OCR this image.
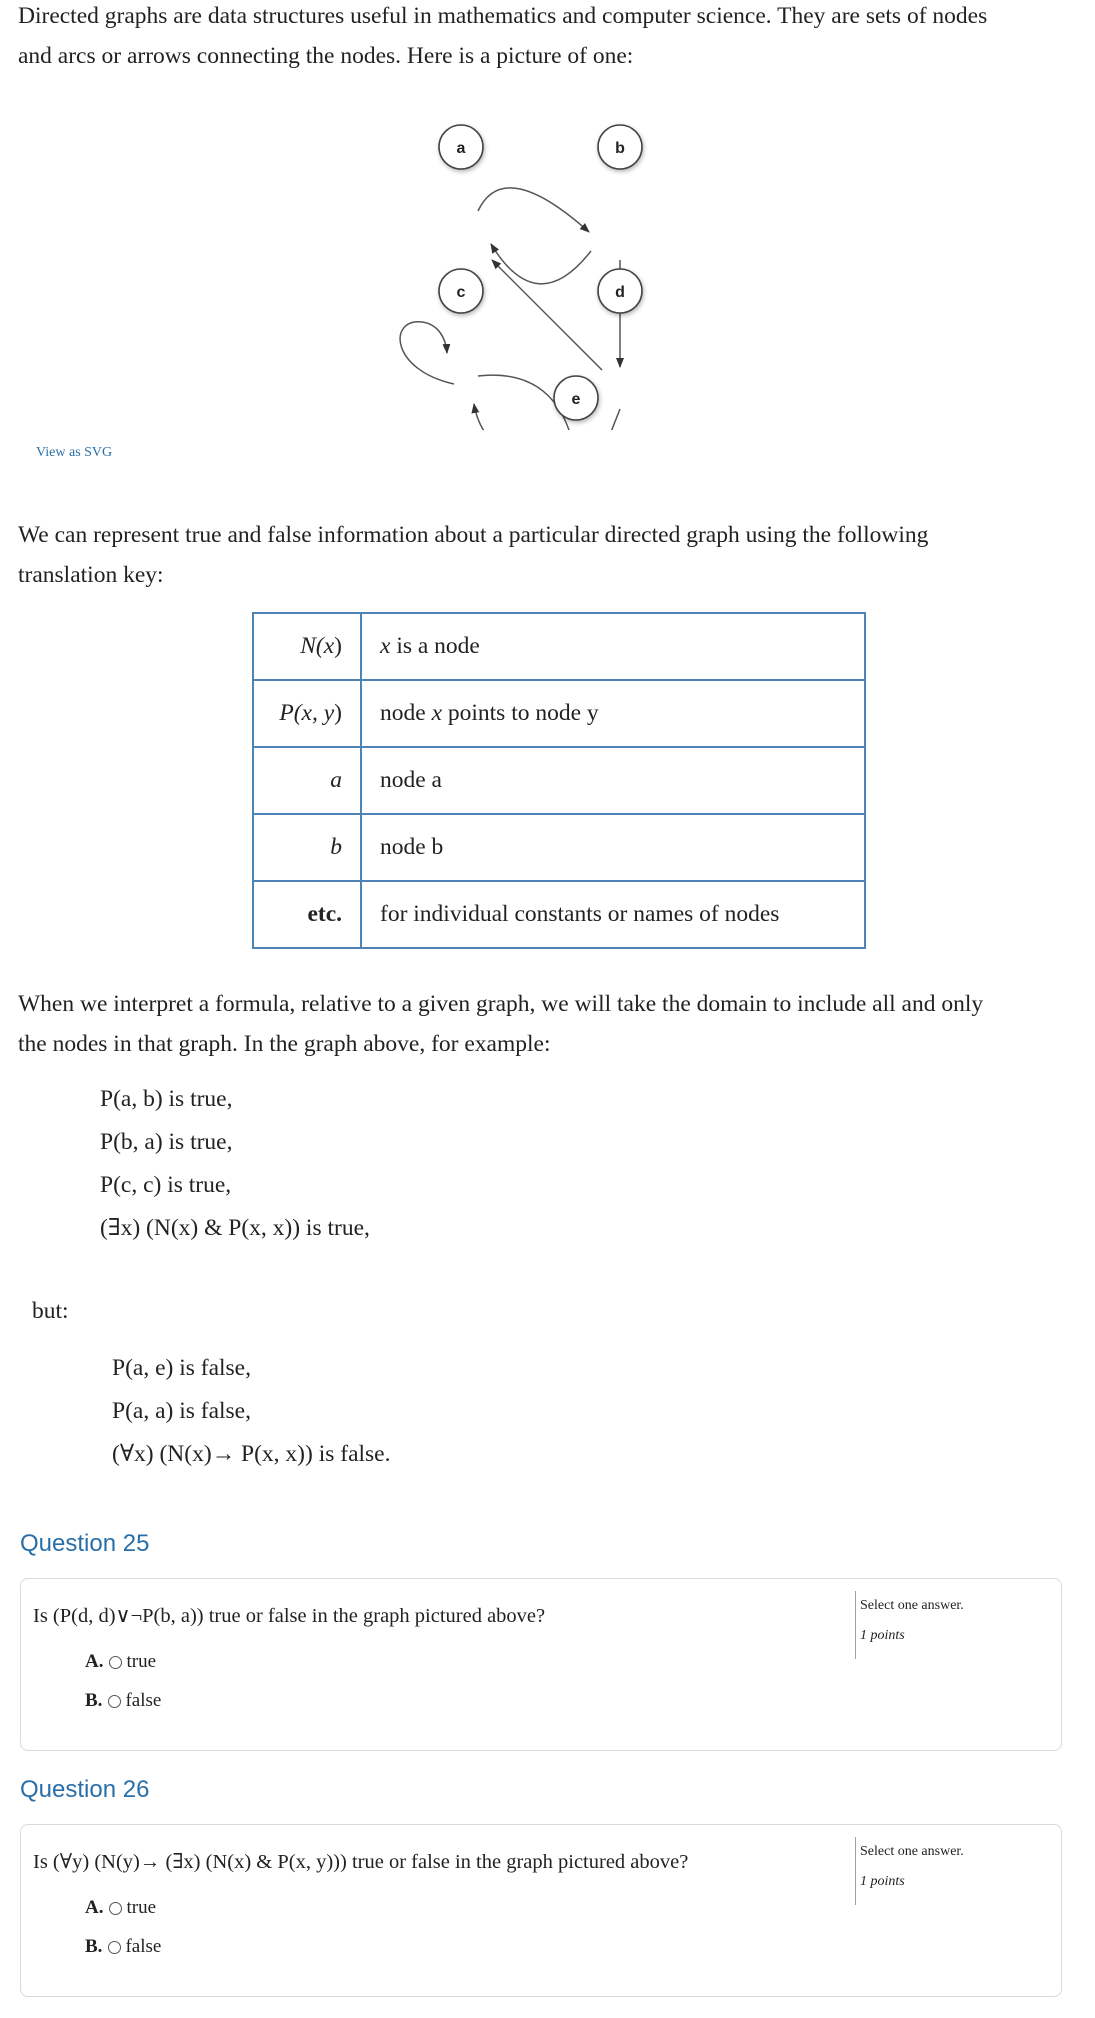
Directed graphs are data structures useful in mathematics and computer science. They are sets of nodes
and arcs or arrows connecting the nodes. Here is a picture of one:

a	b
c	d
e
View as SVG

We can represent true and false information about a particular directed graph using the following
translation key:

N(x)	x is a node
P(x, y)	node x points to node y
a	node a
b	node b
etc.	for individual constants or names of nodes

When we interpret a formula, relative to a given graph, we will take the domain to include all and only
the nodes in that graph. In the graph above, for example:

P(a, b) is true,
P(b, a) is true,
P(c, c) is true,
(∃x) (N(x) & P(x, x)) is true,
but:
P(a, e) is false,
P(a, a) is false,
(∀x) (N(x)→ P(x, x)) is false.
Question 25
Is (P(d, d)∨¬P(b, a)) true or false in the graph pictured above?
A. true
B. false
Select one answer.
1 points
Question 26
Is (∀y) (N(y)→ (∃x) (N(x) & P(x, y))) true or false in the graph pictured above?
A. true
B. false
Select one answer.
1 points
